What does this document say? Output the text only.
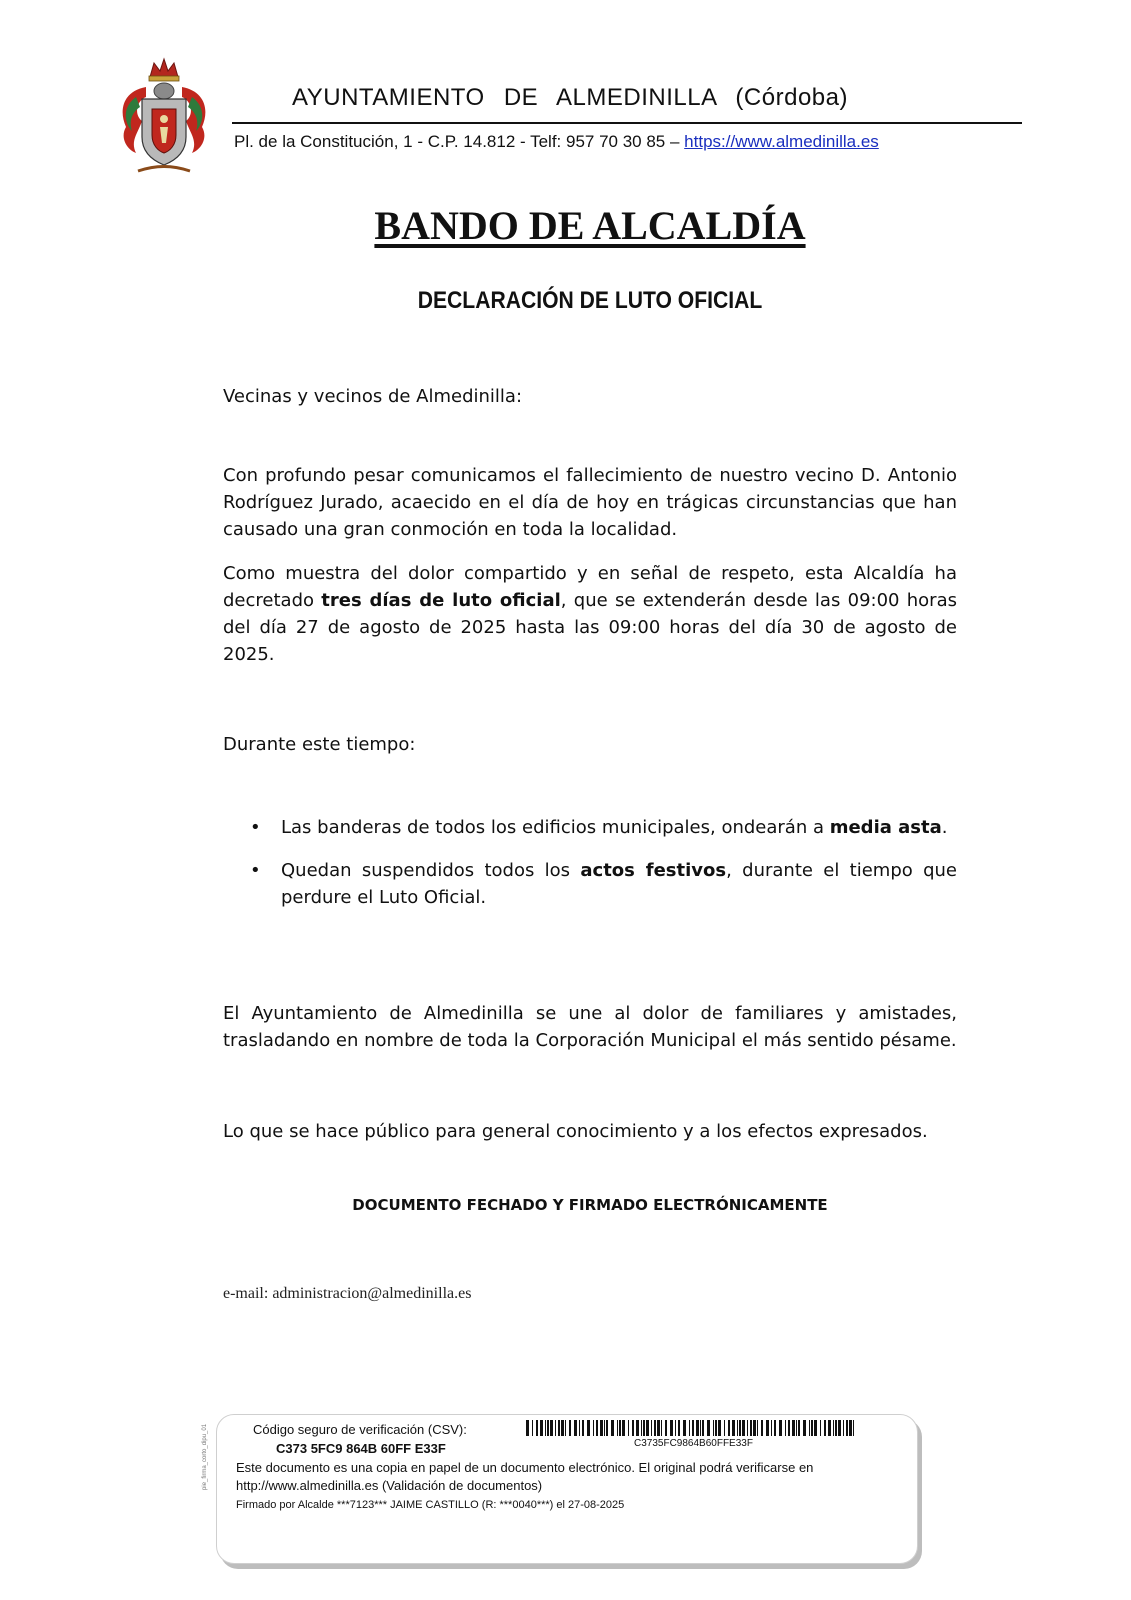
AYUNTAMIENTO DE ALMEDINILLA (Córdoba)
Pl. de la Constitución, 1 - C.P. 14.812 - Telf: 957 70 30 85 – https://www.almedinilla.es
BANDO DE ALCALDÍA
DECLARACIÓN DE LUTO OFICIAL
Vecinas y vecinos de Almedinilla:
Con profundo pesar comunicamos el fallecimiento de nuestro vecino D. Antonio Rodríguez Jurado, acaecido en el día de hoy en trágicas circunstancias que han causado una gran conmoción en toda la localidad.
Como muestra del dolor compartido y en señal de respeto, esta Alcaldía ha decretado tres días de luto oficial, que se extenderán desde las 09:00 horas del día 27 de agosto de 2025 hasta las 09:00 horas del día 30 de agosto de 2025.
Durante este tiempo:
• Las banderas de todos los edificios municipales, ondearán a media asta.
• Quedan suspendidos todos los actos festivos, durante el tiempo que perdure el Luto Oficial.
El Ayuntamiento de Almedinilla se une al dolor de familiares y amistades, trasladando en nombre de toda la Corporación Municipal el más sentido pésame.
Lo que se hace público para general conocimiento y a los efectos expresados.
DOCUMENTO FECHADO Y FIRMADO ELECTRÓNICAMENTE
e-mail: administracion@almedinilla.es
Código seguro de verificación (CSV):
C373 5FC9 864B 60FF E33F	C3735FC9864B60FFE33F
Este documento es una copia en papel de un documento electrónico. El original podrá verificarse en
http://www.almedinilla.es (Validación de documentos)
Firmado por Alcalde ***7123*** JAIME CASTILLO (R: ***0040***) el 27-08-2025
pie_firma_corto_dipu_01
